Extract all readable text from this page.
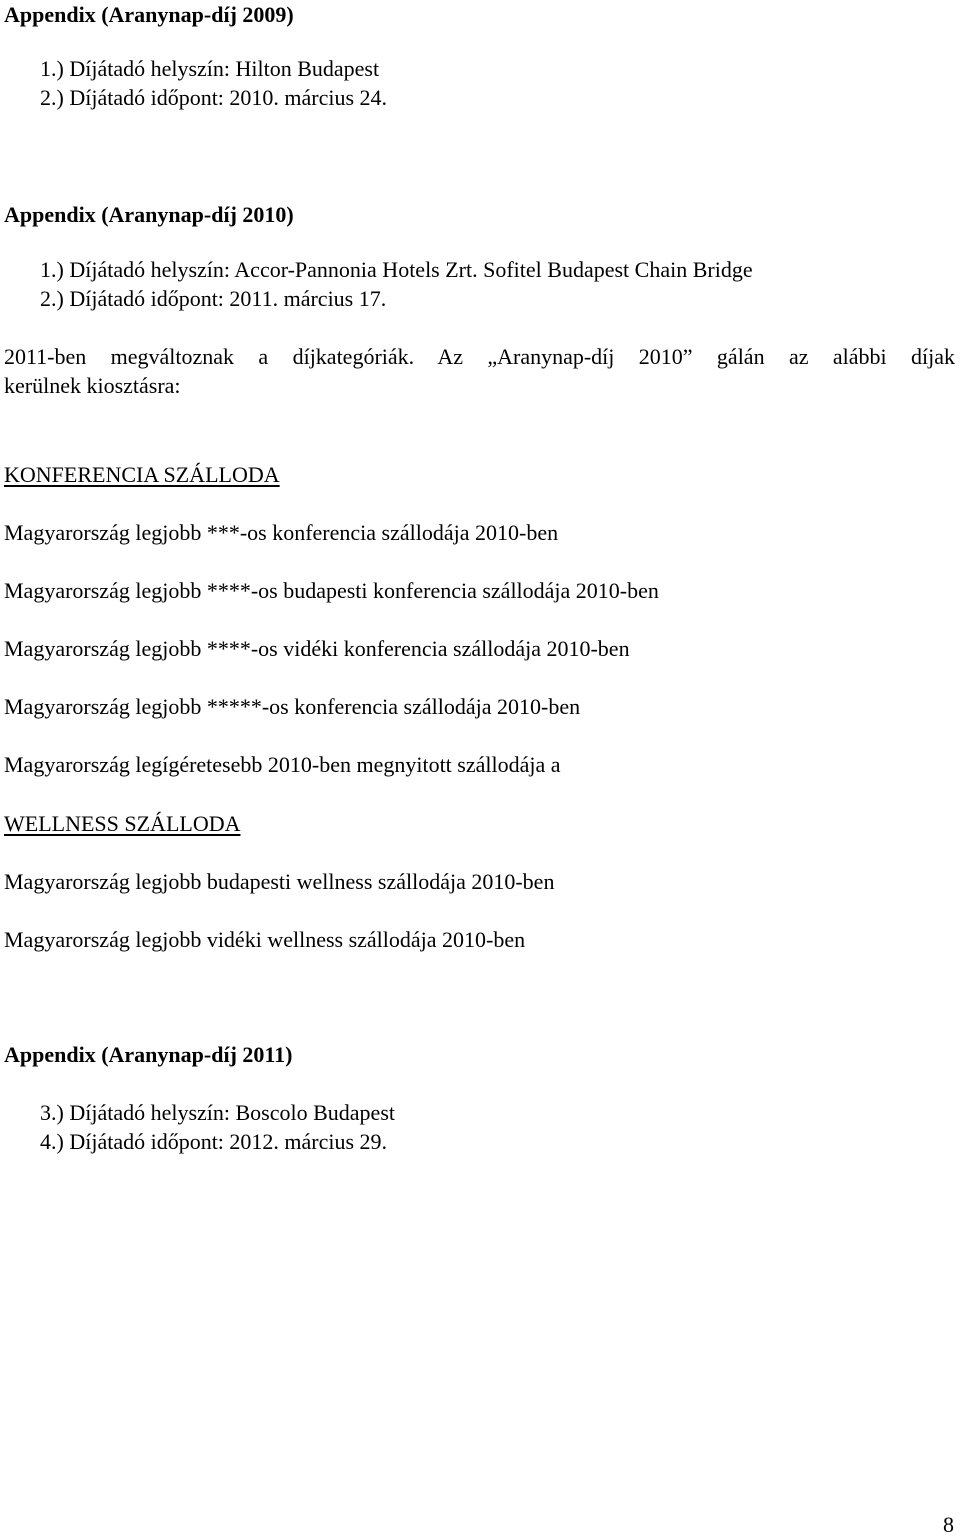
Appendix (Aranynap-díj 2009)
1.) Díjátadó helyszín: Hilton Budapest
2.) Díjátadó időpont: 2010. március 24.
Appendix (Aranynap-díj 2010)
1.) Díjátadó helyszín: Accor-Pannonia Hotels Zrt. Sofitel Budapest Chain Bridge
2.) Díjátadó időpont: 2011. március 17.
2011-ben megváltoznak a díjkategóriák. Az „Aranynap-díj 2010” gálán az alábbi díjak
kerülnek kiosztásra:
KONFERENCIA SZÁLLODA
Magyarország legjobb ***-os konferencia szállodája 2010-ben
Magyarország legjobb ****-os budapesti konferencia szállodája 2010-ben
Magyarország legjobb ****-os vidéki konferencia szállodája 2010-ben
Magyarország legjobb *****-os konferencia szállodája 2010-ben
Magyarország legígéretesebb 2010-ben megnyitott szállodája a
WELLNESS SZÁLLODA
Magyarország legjobb budapesti wellness szállodája 2010-ben
Magyarország legjobb vidéki wellness szállodája 2010-ben
Appendix (Aranynap-díj 2011)
3.) Díjátadó helyszín: Boscolo Budapest
4.) Díjátadó időpont: 2012. március 29.
8
